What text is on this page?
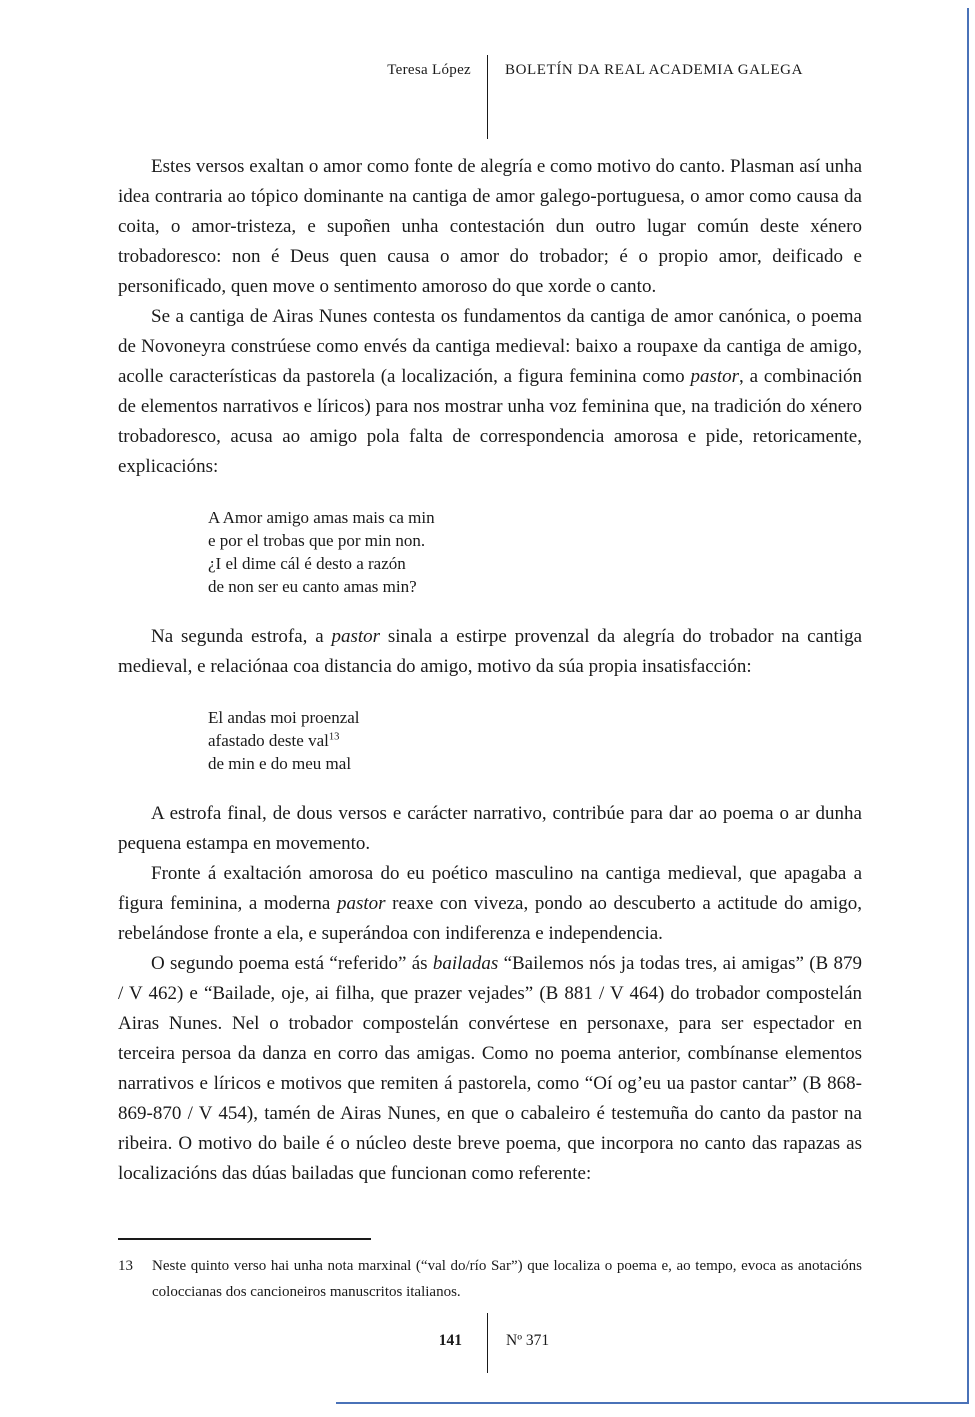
Teresa López BOLETÍN DA REAL ACADEMIA GALEGA

Estes versos exaltan o amor como fonte de alegría e como motivo do canto. Plasman así unha idea contraria ao tópico dominante na cantiga de amor galego-portuguesa, o amor como causa da coita, o amor-tristeza, e supoñen unha contestación dun outro lugar común deste xénero trobadoresco: non é Deus quen causa o amor do trobador; é o propio amor, deificado e personificado, quen move o sentimento amoroso do que xorde o canto.

Se a cantiga de Airas Nunes contesta os fundamentos da cantiga de amor canónica, o poema de Novoneyra constrúese como envés da cantiga medieval: baixo a roupaxe da cantiga de amigo, acolle características da pastorela (a localización, a figura feminina como pastor, a combinación de elementos narrativos e líricos) para nos mostrar unha voz feminina que, na tradición do xénero trobadoresco, acusa ao amigo pola falta de correspondencia amorosa e pide, retoricamente, explicacións:

A Amor amigo amas mais ca min
e por el trobas que por min non.
¿I el dime cál é desto a razón
de non ser eu canto amas min?

Na segunda estrofa, a pastor sinala a estirpe provenzal da alegría do trobador na cantiga medieval, e relaciónaa coa distancia do amigo, motivo da súa propia insatisfacción:

El andas moi proenzal
afastado deste val$^{13}$
de min e do meu mal

A estrofa final, de dous versos e carácter narrativo, contribúe para dar ao poema o ar dunha pequena estampa en movemento.

Fronte á exaltación amorosa do eu poético masculino na cantiga medieval, que apagaba a figura feminina, a moderna pastor reaxe con viveza, pondo ao descuberto a actitude do amigo, rebelándose fronte a ela, e superándoa con indiferenza e independencia.

O segundo poema está “referido” ás bailadas “Bailemos nós ja todas tres, ai amigas” (B 879 / V 462) e “Bailade, oje, ai filha, que prazer vejades” (B 881 / V 464) do trobador compostelán Airas Nunes. Nel o trobador compostelán convértese en personaxe, para ser espectador en terceira persoa da danza en corro das amigas. Como no poema anterior, combínanse elementos narrativos e líricos e motivos que remiten á pastorela, como “Oí og’eu ua pastor cantar” (B 868-869-870 / V 454), tamén de Airas Nunes, en que o cabaleiro é testemuña do canto da pastor na ribeira. O motivo do baile é o núcleo deste breve poema, que incorpora no canto das rapazas as localizacións das dúas bailadas que funcionan como referente:

13	Neste quinto verso hai unha nota marxinal (“val do/río Sar”) que localiza o poema e, ao tempo, evoca as anotacións coloccianas dos cancioneiros manuscritos italianos.
141	Nº 371
